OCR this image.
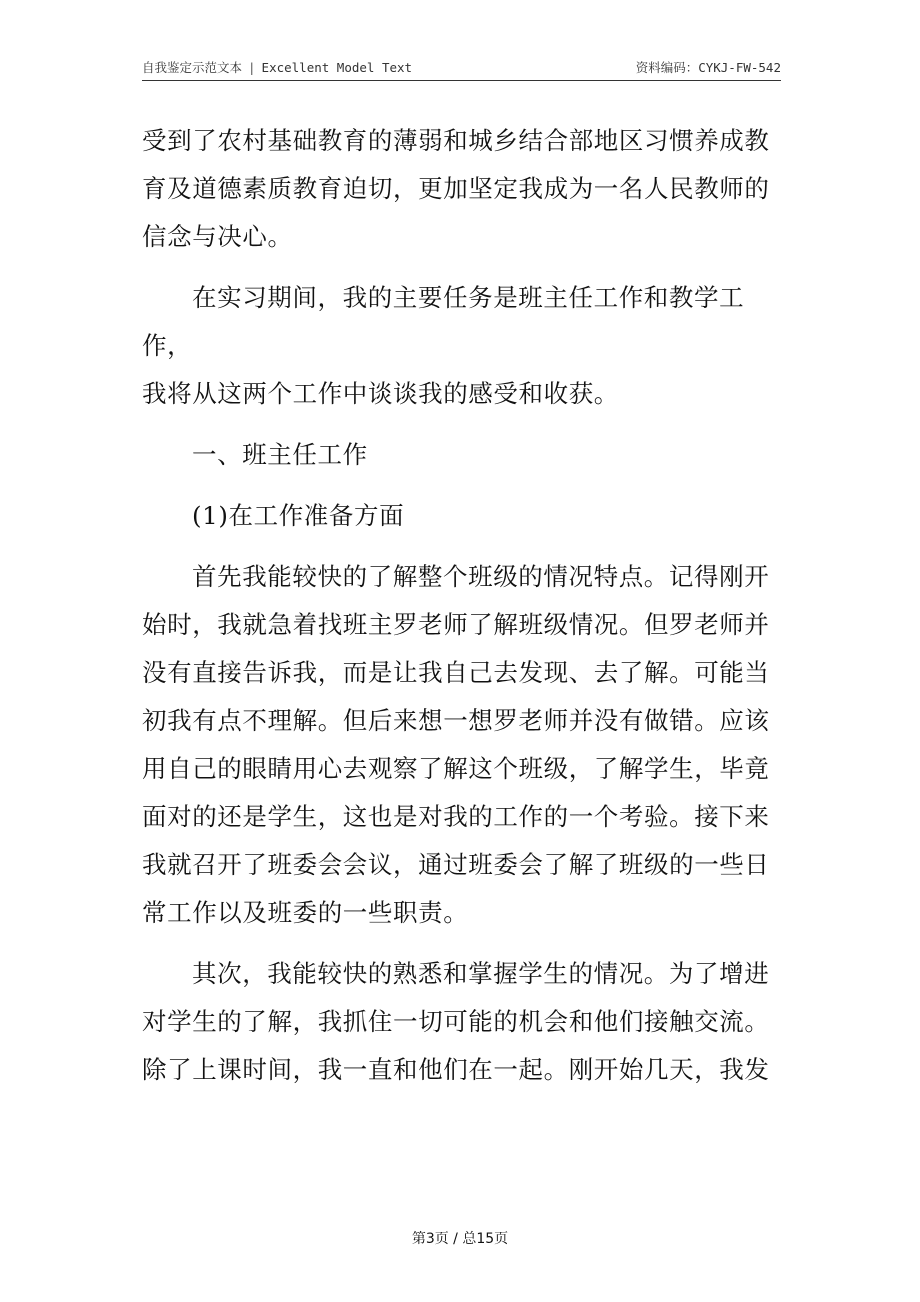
自我鉴定示范文本 | Excellent Model Text	资料编码：CYKJ-FW-542

受到了农村基础教育的薄弱和城乡结合部地区习惯养成教
育及道德素质教育迫切，更加坚定我成为一名人民教师的
信念与决心。

在实习期间，我的主要任务是班主任工作和教学工作，
我将从这两个工作中谈谈我的感受和收获。

一、班主任工作

(1)在工作准备方面

首先我能较快的了解整个班级的情况特点。记得刚开
始时，我就急着找班主罗老师了解班级情况。但罗老师并
没有直接告诉我，而是让我自己去发现、去了解。可能当
初我有点不理解。但后来想一想罗老师并没有做错。应该
用自己的眼睛用心去观察了解这个班级，了解学生，毕竟
面对的还是学生，这也是对我的工作的一个考验。接下来
我就召开了班委会会议，通过班委会了解了班级的一些日
常工作以及班委的一些职责。

其次，我能较快的熟悉和掌握学生的情况。为了增进
对学生的了解，我抓住一切可能的机会和他们接触交流。
除了上课时间，我一直和他们在一起。刚开始几天，我发

第3页 / 总15页
